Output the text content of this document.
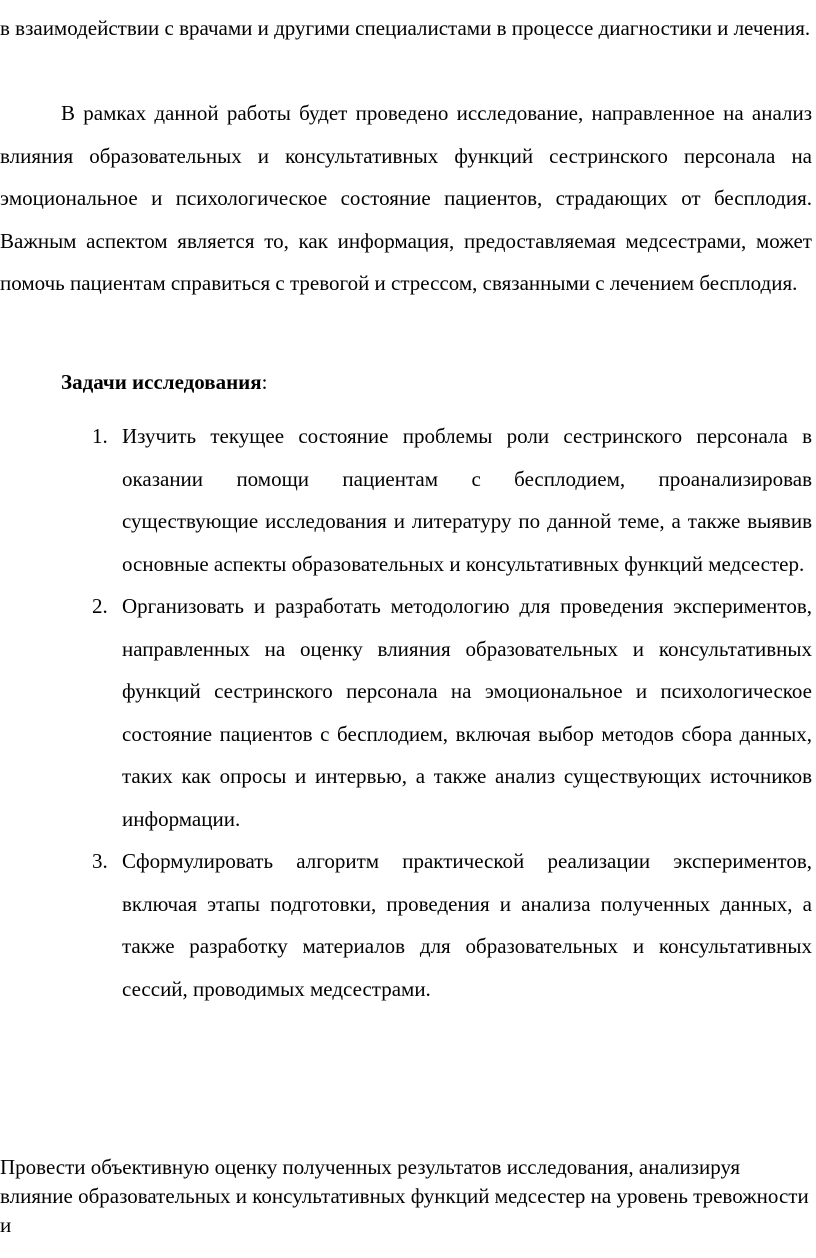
в взаимодействии с врачами и другими специалистами в процессе диагностики и лечения.
В рамках данной работы будет проведено исследование, направленное на анализ влияния образовательных и консультативных функций сестринского персонала на эмоциональное и психологическое состояние пациентов, страдающих от бесплодия. Важным аспектом является то, как информация, предоставляемая медсестрами, может помочь пациентам справиться с тревогой и стрессом, связанными с лечением бесплодия.
Задачи исследования:
1. Изучить текущее состояние проблемы роли сестринского персонала в оказании помощи пациентам с бесплодием, проанализировав существующие исследования и литературу по данной теме, а также выявив основные аспекты образовательных и консультативных функций медсестер.
2. Организовать и разработать методологию для проведения экспериментов, направленных на оценку влияния образовательных и консультативных функций сестринского персонала на эмоциональное и психологическое состояние пациентов с бесплодием, включая выбор методов сбора данных, таких как опросы и интервью, а также анализ существующих источников информации.
3. Сформулировать алгоритм практической реализации экспериментов, включая этапы подготовки, проведения и анализа полученных данных, а также разработку материалов для образовательных и консультативных сессий, проводимых медсестрами.
Провести объективную оценку полученных результатов исследования, анализируя влияние образовательных и консультативных функций медсестер на уровень тревожности и
